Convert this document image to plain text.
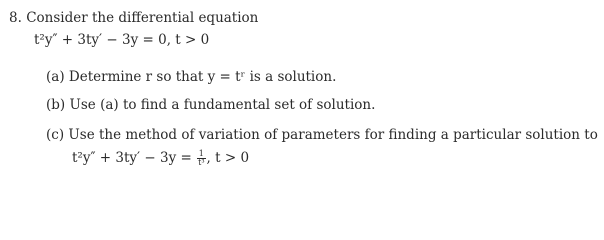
8. Consider the differential equation
t²y″ + 3ty′ − 3y = 0, t > 0
(a) Determine r so that y = tʳ is a solution.
(b) Use (a) to find a fundamental set of solution.
(c) Use the method of variation of parameters for finding a particular solution to
$t^2y'' + 3ty' - 3y = \frac{1}{\text{t³}}$ , t > 0
